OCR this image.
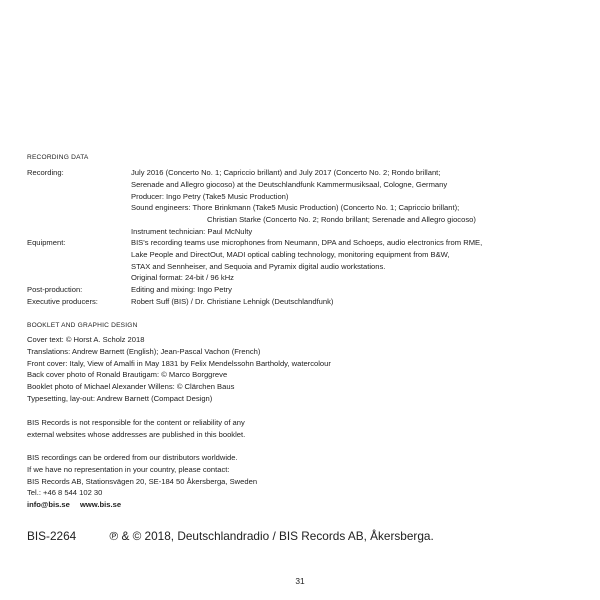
RECORDING DATA
Recording:	July 2016 (Concerto No. 1; Capriccio brillant) and July 2017 (Concerto No. 2; Rondo brillant;
Serenade and Allegro giocoso) at the Deutschlandfunk Kammermusiksaal, Cologne, Germany
Producer: Ingo Petry (Take5 Music Production)
Sound engineers: Thore Brinkmann (Take5 Music Production) (Concerto No. 1; Capriccio brillant);
Christian Starke (Concerto No. 2; Rondo brillant; Serenade and Allegro giocoso)
Instrument technician: Paul McNulty
Equipment:	BIS's recording teams use microphones from Neumann, DPA and Schoeps, audio electronics from RME,
Lake People and DirectOut, MADI optical cabling technology, monitoring equipment from B&W,
STAX and Sennheiser, and Sequoia and Pyramix digital audio workstations.
Original format: 24-bit / 96 kHz
Post-production:	Editing and mixing: Ingo Petry
Executive producers:	Robert Suff (BIS) / Dr. Christiane Lehnigk (Deutschlandfunk)
BOOKLET AND GRAPHIC DESIGN
Cover text: © Horst A. Scholz 2018
Translations: Andrew Barnett (English); Jean-Pascal Vachon (French)
Front cover: Italy, View of Amalfi in May 1831 by Felix Mendelssohn Bartholdy, watercolour
Back cover photo of Ronald Brautigam: © Marco Borggreve
Booklet photo of Michael Alexander Willens: © Clärchen Baus
Typesetting, lay-out: Andrew Barnett (Compact Design)
BIS Records is not responsible for the content or reliability of any
external websites whose addresses are published in this booklet.
BIS recordings can be ordered from our distributors worldwide.
If we have no representation in your country, please contact:
BIS Records AB, Stationsvägen 20, SE-184 50 Åkersberga, Sweden
Tel.: +46 8 544 102 30
info@bis.se www.bis.se
BIS-2264	℗ & © 2018, Deutschlandradio / BIS Records AB, Åkersberga.
31
